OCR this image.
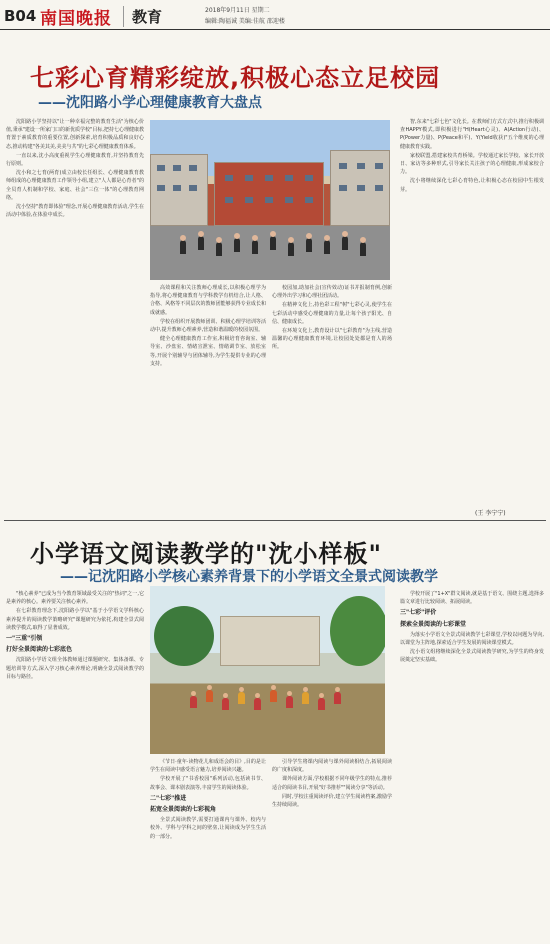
B04 南国晚报	教育	2018年9月11日 星期二
编辑:陶福诚 美编:佳航 邵迎楼
七彩心育精彩绽放,积极心态立足校园
——沈阳路小学心理健康教育大盘点

沈阳路小学坚持以"让一种幸福完整的教育生活"为核心价值,秉承"建设一所家门口的新优质学校"目标,把持七心理健康教育置于素质教育的重要位置,创新探索,培育积极品质和良好心态,推动构建"各美其美,美美与共"的七彩心理健康教育体系。

一直以来,沈小高度重视学生心理健康教育,并坚持教育先行原则。

沈小和之七育(两育)成立由校长任组长、心理健康教育教师组成的心理健康教育工作领导小组,建立"人人都是心育者"的全员育人机制和学校、家庭、社会"三位一体"的心理教育网络。

沈小坚持"教育即体验"理念,开展心理健康教育活动,学生在活动中体验,在体验中成长。

高效课程和关注教师心理成长,以积极心理学为指导,将心理健康教育与学科教学有机结合,让人格、合格、风格等不同层次的教师团能够获得专业成长和成就感。

学校在组织开展教师团训、积极心理学培训等活动中,提升教师心理素养,营造和谐温暖的校园氛围。

健全心理健康教育工作室,积极培育咨询室、辅导室、沙盘室、情绪宣泄室、情绪调节室、放松室等,开展个别辅导与团体辅导,为学生提供专业的心理支持。

校园加,助加社会(宣传效动)证书并报制育例,创新心理外出学习和心理社团活动。

在精神文化上,持色彩工程"树"七彩心灵,使学生在七彩活动中感受心理健康的力量,让每个孩子阳光、自信、健康成长。

在环境文化上,教育设计以"七彩教育"为主线,营造温馨的心理健康教育环境,让校园处处都是育人的场所。

智,东来"七彩七色"文化长。在教师们方式方式中,推行积极调查HAPPY模式,即积极进行"H(Heart心灵)、A(Action行动)、P(Power力量)、P(Peace和平)、Y(Yield收获)"五个维度的心理健康教育实践。

家校联盟,搭建家校共育桥梁。学校通过家长学校、家长开放日、家访等多种形式,引导家长关注孩子的心理健康,形成家校合力。

沈小将继续深化七彩心育特色,让积极心态在校园中生根发芽。

(王 李宁宁)
小学语文阅读教学的"沈小样板"
——记沈阳路小学核心素养背景下的小学语文全景式阅读教学

"核心素养"已成为当今教育领域最受关注的"热词"之一,它是素养的核心。素养要关注核心素养。

在七彩教育理念下,沈阳路小学以"基于小学语文学科核心素养提升的阅读教学策略研究"课题研究为依托,构建全景式阅读教学模式,取得了显著成效。

一"三重"引领
打好全景阅读的七彩底色

沈阳路小学语文组全体教师通过课题研究、集体备课、专题培训等方式,深入学习核心素养理论,明确全景式阅读教学的目标与路径。

《节日·童年·读物花儿和成语会的目》,目的是让学生在阅读中感受语言魅力,培养阅读兴趣。

学校开展了"书香校园"系列活动,包括读书节、故事会、课本剧表演等,丰富学生的阅读体验。

二"七彩"推进
拓宽全景阅读的七彩视角

全景式阅读教学,需要打通课内与课外、校内与校外、学科与学科之间的壁垒,让阅读成为学生生活的一部分。

引导学生将课内阅读与课外阅读相结合,拓展阅读的广度和深度。

课外阅读方面,学校根据不同年级学生的特点,推荐适合的阅读书目,开展"好书推荐""阅读分享"等活动。

同时,学校注重阅读评价,建立学生阅读档案,激励学生持续阅读。

学校开展了"1+X"群文阅读,就是基于语文、围绕主题,选择多篇文章进行比较阅读、拓展阅读。

三"七彩"评价
探索全景阅读的七彩课堂

为落实小学语文全景式阅读教学七彩课堂,学校以问题为导向,以课堂为主阵地,探索适合学生发展的阅读课堂模式。

沈小语文组将继续深化全景式阅读教学研究,为学生的终身发展奠定坚实基础。
